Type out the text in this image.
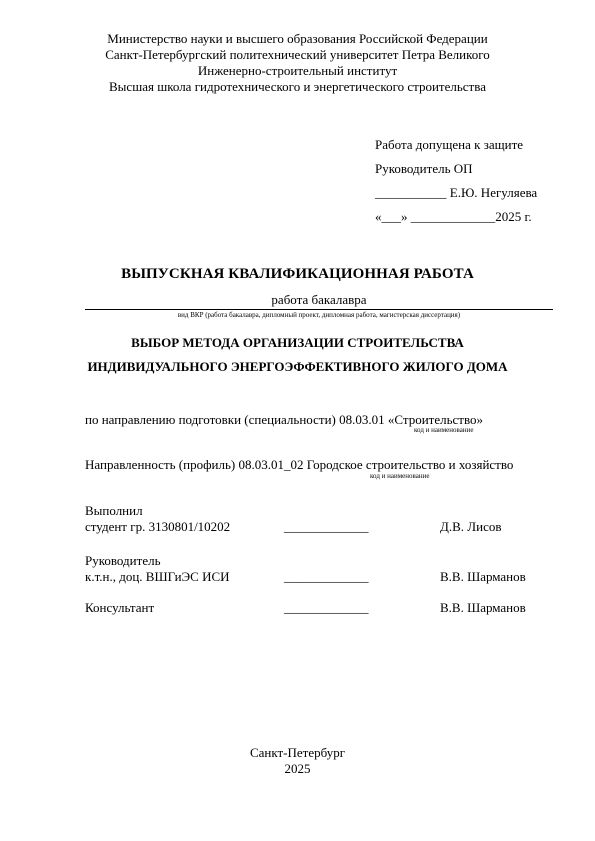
Министерство науки и высшего образования Российской Федерации
Санкт-Петербургский политехнический университет Петра Великого
Инженерно-строительный институт
Высшая школа гидротехнического и энергетического строительства
Работа допущена к защите
Руководитель ОП
___________ Е.Ю. Негуляева
«___» _____________2025 г.
ВЫПУСКНАЯ КВАЛИФИКАЦИОННАЯ РАБОТА
работа бакалавра
вид ВКР (работа бакалавра, дипломный проект, дипломная работа, магистерская диссертация)
ВЫБОР МЕТОДА ОРГАНИЗАЦИИ СТРОИТЕЛЬСТВА
ИНДИВИДУАЛЬНОГО ЭНЕРГОЭФФЕКТИВНОГО ЖИЛОГО ДОМА
по направлению подготовки (специальности) 08.03.01 «Строительство»
код и наименование
Направленность (профиль) 08.03.01_02 Городское строительство и хозяйство
код и наименование
Выполнил
студент гр. 3130801/10202	_____________	Д.В. Лисов
Руководитель
к.т.н., доц. ВШГиЭС ИСИ	_____________	В.В. Шарманов
Консультант	_____________	В.В. Шарманов
Санкт-Петербург
2025
